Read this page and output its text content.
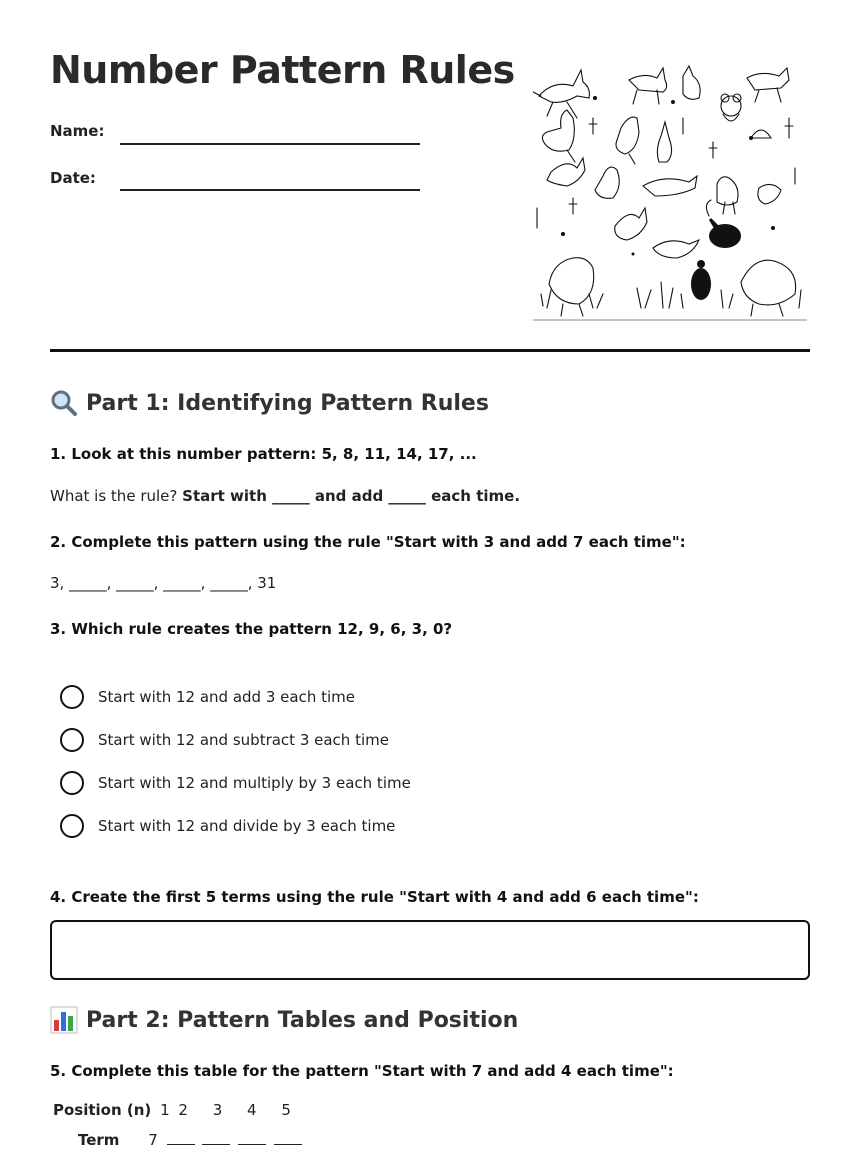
Number Pattern Rules
Name:
Date:
Part 1: Identifying Pattern Rules
1. Look at this number pattern: 5, 8, 11, 14, 17, ...
What is the rule? Start with _____ and add _____ each time.
2. Complete this pattern using the rule "Start with 3 and add 7 each time":
3, _____, _____, _____, _____, 31
3. Which rule creates the pattern 12, 9, 6, 3, 0?
Start with 12 and add 3 each time
Start with 12 and subtract 3 each time
Start with 12 and multiply by 3 each time
Start with 12 and divide by 3 each time
4. Create the first 5 terms using the rule "Start with 4 and add 6 each time":
Part 2: Pattern Tables and Position
5. Complete this table for the pattern "Start with 7 and add 4 each time":
Position (n) 1 2 3 4 5
Term 7
